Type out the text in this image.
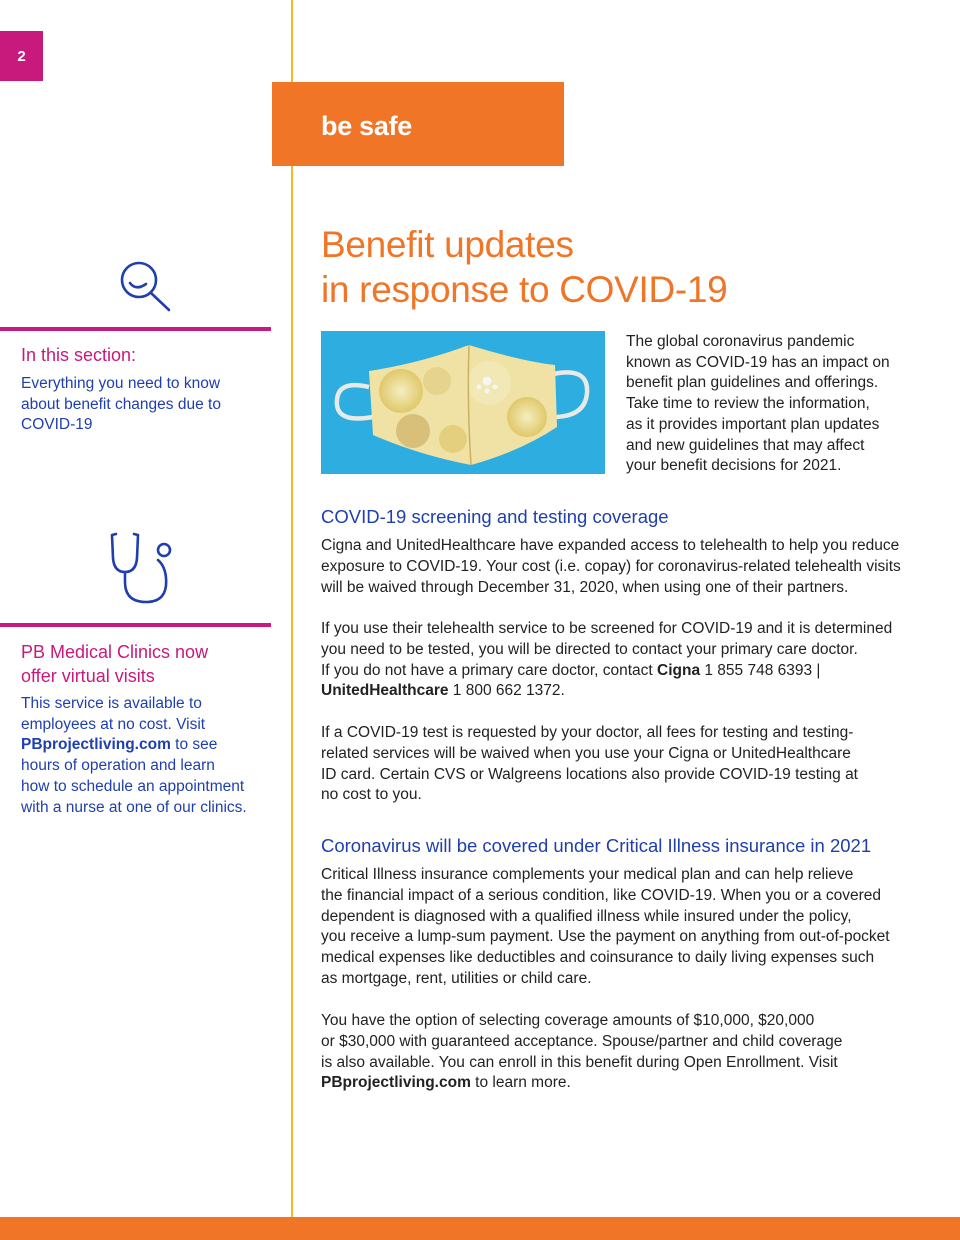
2
be safe
In this section:
Everything you need to know
about benefit changes due to
COVID-19
PB Medical Clinics now
offer virtual visits
This service is available to
employees at no cost. Visit
PBprojectliving.com to see
hours of operation and learn
how to schedule an appointment
with a nurse at one of our clinics.
Benefit updates
in response to COVID-19
The global coronavirus pandemic
known as COVID-19 has an impact on
benefit plan guidelines and offerings.
Take time to review the information,
as it provides important plan updates
and new guidelines that may affect
your benefit decisions for 2021.
COVID-19 screening and testing coverage
Cigna and UnitedHealthcare have expanded access to telehealth to help you reduce
exposure to COVID-19. Your cost (i.e. copay) for coronavirus-related telehealth visits
will be waived through December 31, 2020, when using one of their partners.
If you use their telehealth service to be screened for COVID-19 and it is determined
you need to be tested, you will be directed to contact your primary care doctor.
If you do not have a primary care doctor, contact Cigna 1 855 748 6393 |
UnitedHealthcare 1 800 662 1372.
If a COVID-19 test is requested by your doctor, all fees for testing and testing-
related services will be waived when you use your Cigna or UnitedHealthcare
ID card. Certain CVS or Walgreens locations also provide COVID-19 testing at
no cost to you.
Coronavirus will be covered under Critical Illness insurance in 2021
Critical Illness insurance complements your medical plan and can help relieve
the financial impact of a serious condition, like COVID-19. When you or a covered
dependent is diagnosed with a qualified illness while insured under the policy,
you receive a lump-sum payment. Use the payment on anything from out-of-pocket
medical expenses like deductibles and coinsurance to daily living expenses such
as mortgage, rent, utilities or child care.
You have the option of selecting coverage amounts of $10,000, $20,000
or $30,000 with guaranteed acceptance. Spouse/partner and child coverage
is also available. You can enroll in this benefit during Open Enrollment. Visit
PBprojectliving.com to learn more.
